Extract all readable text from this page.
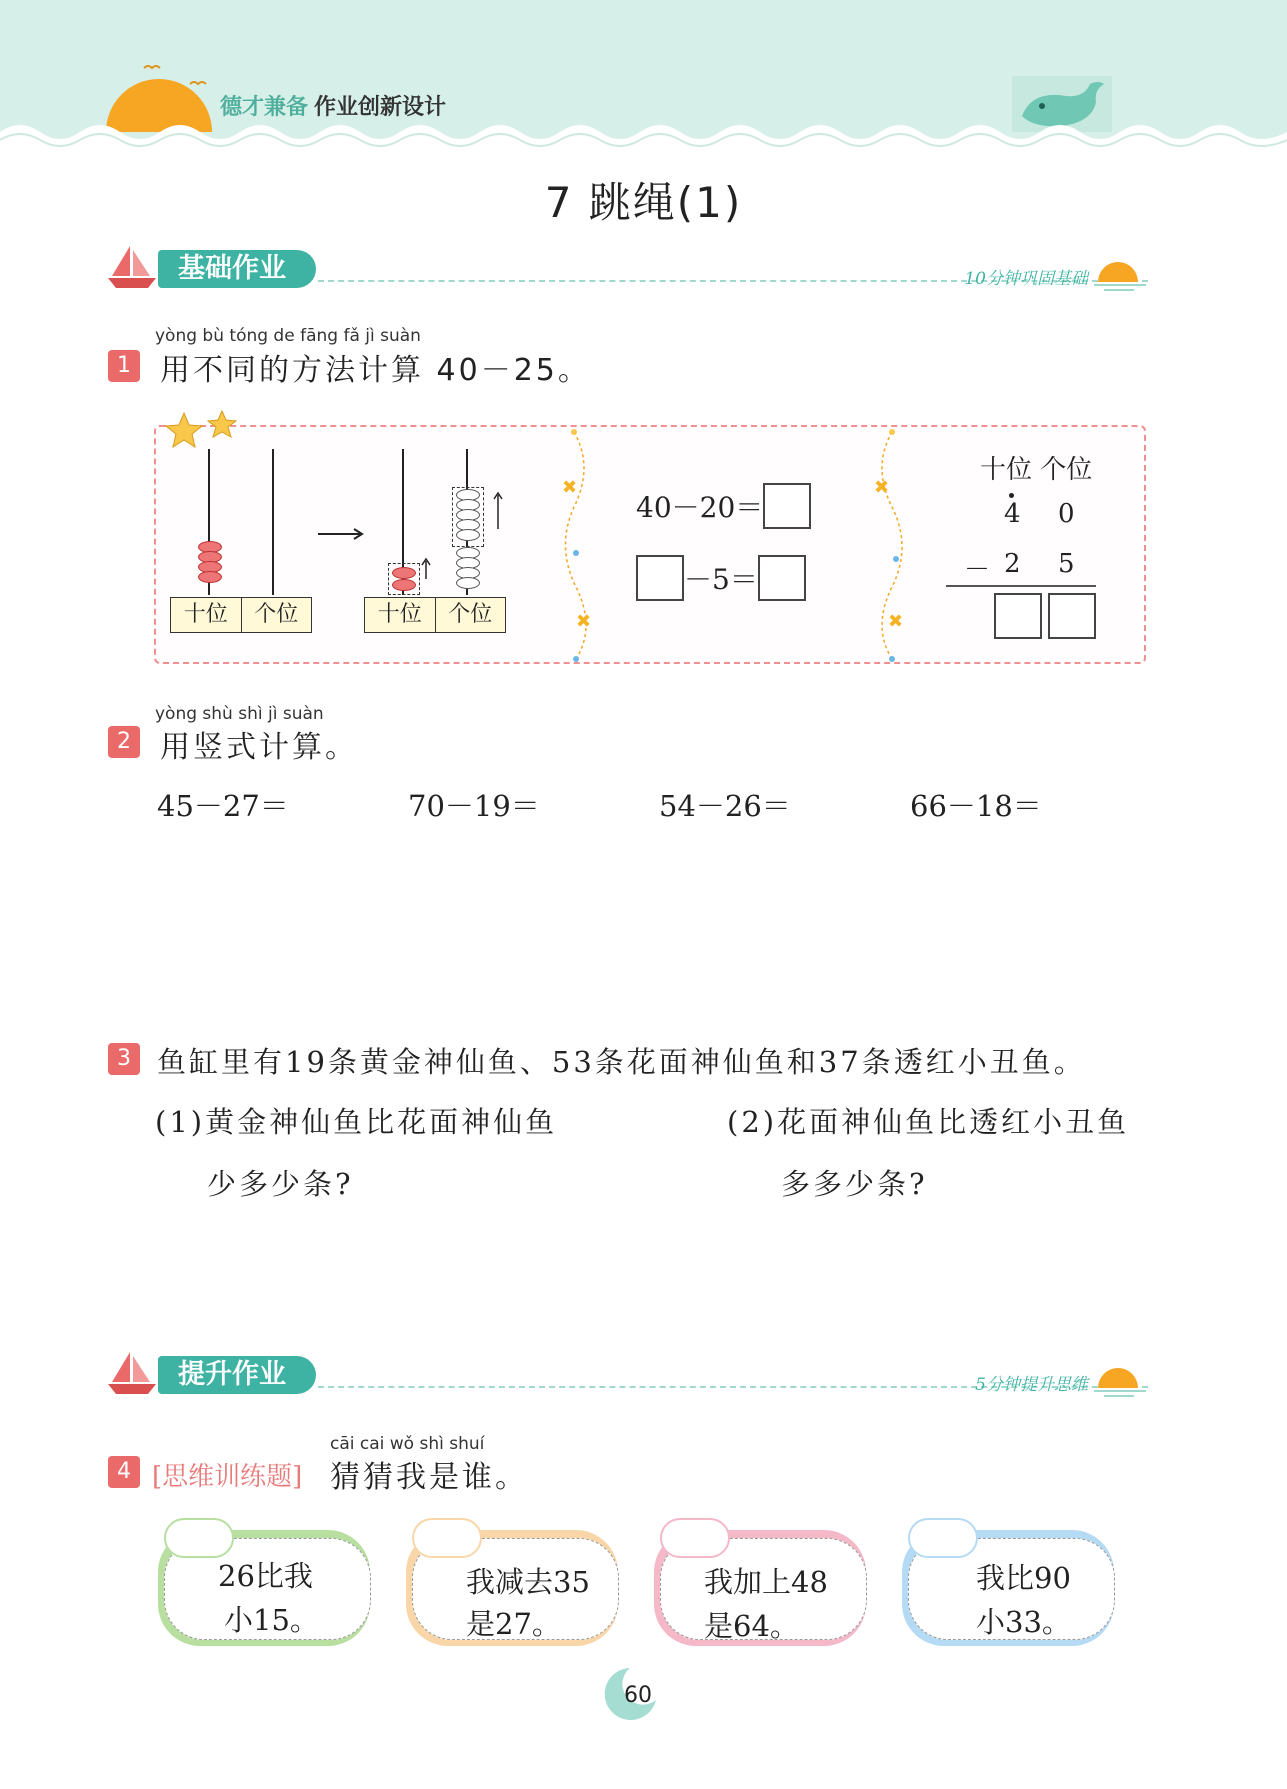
德才兼备 作业创新设计
7 跳绳(1)
基础作业	10分钟巩固基础
yòng bù tóng de fāng fǎ jì suàn
1 用不同的方法计算 40－25。
十位	个位	十位	个位
✖
✖
✖
✖
40－20＝
－5＝
十位 个位
4 0
－ 2 5
yòng shù shì jì suàn
2 用竖式计算。
45－27＝	70－19＝	54－26＝	66－18＝
3 鱼缸里有19条黄金神仙鱼、53条花面神仙鱼和37条透红小丑鱼。
(1)黄金神仙鱼比花面神仙鱼
少多少条?
(2)花面神仙鱼比透红小丑鱼
多多少条?
提升作业	5分钟提升思维
cāi cai wǒ shì shuí
4 [思维训练题] 猜猜我是谁。
26比我
小15。
我减去35
是27。
我加上48
是64。
我比90
小33。
60
